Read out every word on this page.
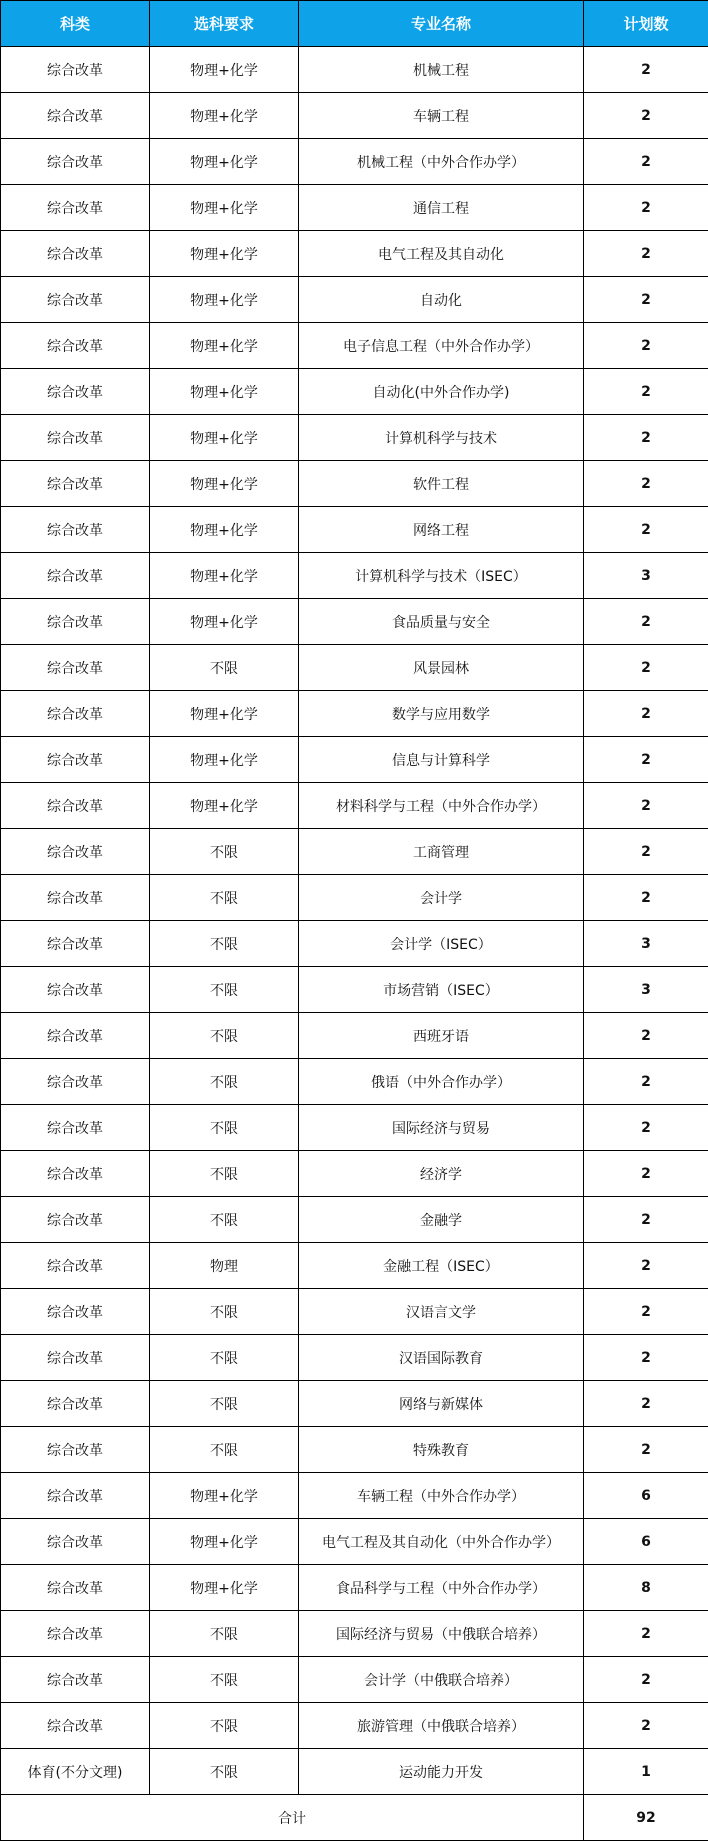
科类	选科要求	专业名称	计划数
综合改革	物理+化学	机械工程	2
综合改革	物理+化学	车辆工程	2
综合改革	物理+化学	机械工程（中外合作办学）	2
综合改革	物理+化学	通信工程	2
综合改革	物理+化学	电气工程及其自动化	2
综合改革	物理+化学	自动化	2
综合改革	物理+化学	电子信息工程（中外合作办学）	2
综合改革	物理+化学	自动化(中外合作办学)	2
综合改革	物理+化学	计算机科学与技术	2
综合改革	物理+化学	软件工程	2
综合改革	物理+化学	网络工程	2
综合改革	物理+化学	计算机科学与技术（ISEC）	3
综合改革	物理+化学	食品质量与安全	2
综合改革	不限	风景园林	2
综合改革	物理+化学	数学与应用数学	2
综合改革	物理+化学	信息与计算科学	2
综合改革	物理+化学	材料科学与工程（中外合作办学）	2
综合改革	不限	工商管理	2
综合改革	不限	会计学	2
综合改革	不限	会计学（ISEC）	3
综合改革	不限	市场营销（ISEC）	3
综合改革	不限	西班牙语	2
综合改革	不限	俄语（中外合作办学）	2
综合改革	不限	国际经济与贸易	2
综合改革	不限	经济学	2
综合改革	不限	金融学	2
综合改革	物理	金融工程（ISEC）	2
综合改革	不限	汉语言文学	2
综合改革	不限	汉语国际教育	2
综合改革	不限	网络与新媒体	2
综合改革	不限	特殊教育	2
综合改革	物理+化学	车辆工程（中外合作办学）	6
综合改革	物理+化学	电气工程及其自动化（中外合作办学）	6
综合改革	物理+化学	食品科学与工程（中外合作办学）	8
综合改革	不限	国际经济与贸易（中俄联合培养）	2
综合改革	不限	会计学（中俄联合培养）	2
综合改革	不限	旅游管理（中俄联合培养）	2
体育(不分文理)	不限	运动能力开发	1
合计			92
